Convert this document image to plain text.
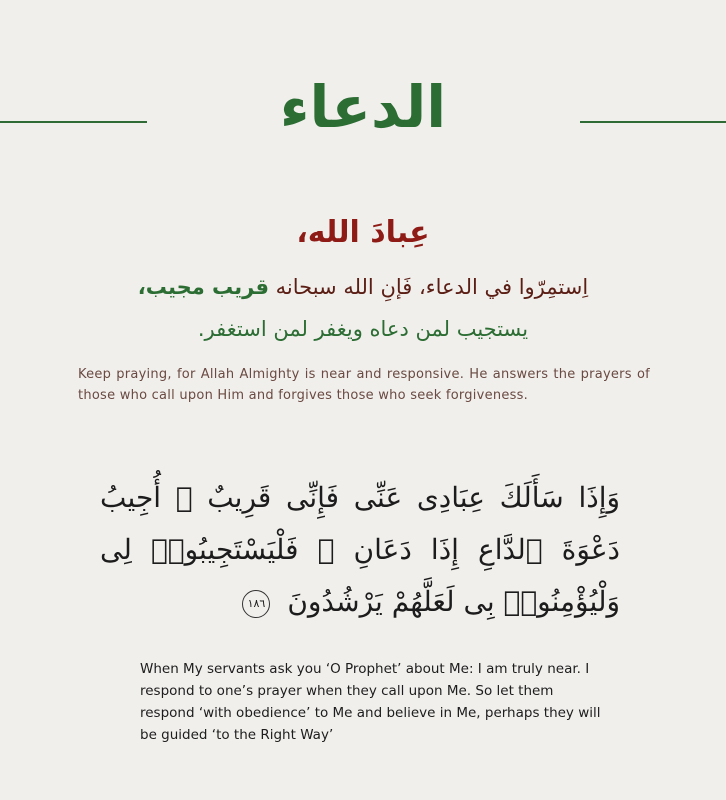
الدعاء
عِبادَ الله،
اِستمِرّوا في الدعاء، فَإنِ الله سبحانه قريب مجيب،
يستجيب لمن دعاه ويغفر لمن استغفر.
Keep praying, for Allah Almighty is near and responsive. He answers the prayers of those who call upon Him and forgives those who seek forgiveness.
وَإِذَا سَأَلَكَ عِبَادِى عَنِّى فَإِنِّى قَرِيبٌ ۖ أُجِيبُ دَعْوَةَ ٱلدَّاعِ إِذَا دَعَانِ ۖ فَلْيَسْتَجِيبُوا۟ لِى وَلْيُؤْمِنُوا۟ بِى لَعَلَّهُمْ يَرْشُدُونَ ١٨٦
When My servants ask you ‘O Prophet’ about Me: I am truly near. I respond to one’s prayer when they call upon Me. So let them respond ‘with obedience’ to Me and believe in Me, perhaps they will be guided ‘to the Right Way’
